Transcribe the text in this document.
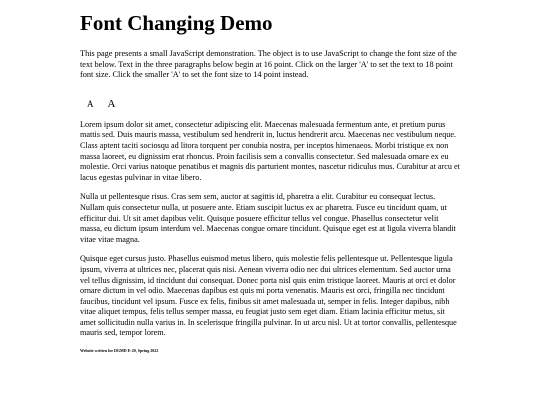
Font Changing Demo

This page presents a small JavaScript demonstration. The object is to use JavaScript to change the font size of the text below. Text in the three paragraphs below begin at 16 point. Click on the larger 'A' to set the text to 18 point font size. Click the smaller 'A' to set the font size to 14 point instead.

A A

Lorem ipsum dolor sit amet, consectetur adipiscing elit. Maecenas malesuada fermentum ante, et pretium purus mattis sed. Duis mauris massa, vestibulum sed hendrerit in, luctus hendrerit arcu. Maecenas nec vestibulum neque. Class aptent taciti sociosqu ad litora torquent per conubia nostra, per inceptos himenaeos. Morbi tristique ex non massa laoreet, eu dignissim erat rhoncus. Proin facilisis sem a convallis consectetur. Sed malesuada ornare ex eu molestie. Orci varius natoque penatibus et magnis dis parturient montes, nascetur ridiculus mus. Curabitur at arcu et lacus egestas pulvinar in vitae libero.

Nulla ut pellentesque risus. Cras sem sem, auctor at sagittis id, pharetra a elit. Curabitur eu consequat lectus. Nullam quis consectetur nulla, ut posuere ante. Etiam suscipit luctus ex ac pharetra. Fusce eu tincidunt quam, ut efficitur dui. Ut sit amet dapibus velit. Quisque posuere efficitur tellus vel congue. Phasellus consectetur velit massa, eu dictum ipsum interdum vel. Maecenas congue ornare tincidunt. Quisque eget est at ligula viverra blandit vitae vitae magna.

Quisque eget cursus justo. Phasellus euismod metus libero, quis molestie felis pellentesque ut. Pellentesque ligula ipsum, viverra at ultrices nec, placerat quis nisi. Aenean viverra odio nec dui ultrices elementum. Sed auctor urna vel tellus dignissim, id tincidunt dui consequat. Donec porta nisl quis enim tristique laoreet. Mauris at orci et dolor ornare dictum in vel odio. Maecenas dapibus est quis mi porta venenatis. Mauris est orci, fringilla nec tincidunt faucibus, tincidunt vel ipsum. Fusce ex felis, finibus sit amet malesuada ut, semper in felis. Integer dapibus, nibh vitae aliquet tempus, felis tellus semper massa, eu feugiat justo sem eget diam. Etiam lacinia efficitur metus, sit amet sollicitudin nulla varius in. In scelerisque fringilla pulvinar. In ut arcu nisl. Ut at tortor convallis, pellentesque mauris sed, tempor lorem.

Website written for DGMD E-20, Spring 2022
